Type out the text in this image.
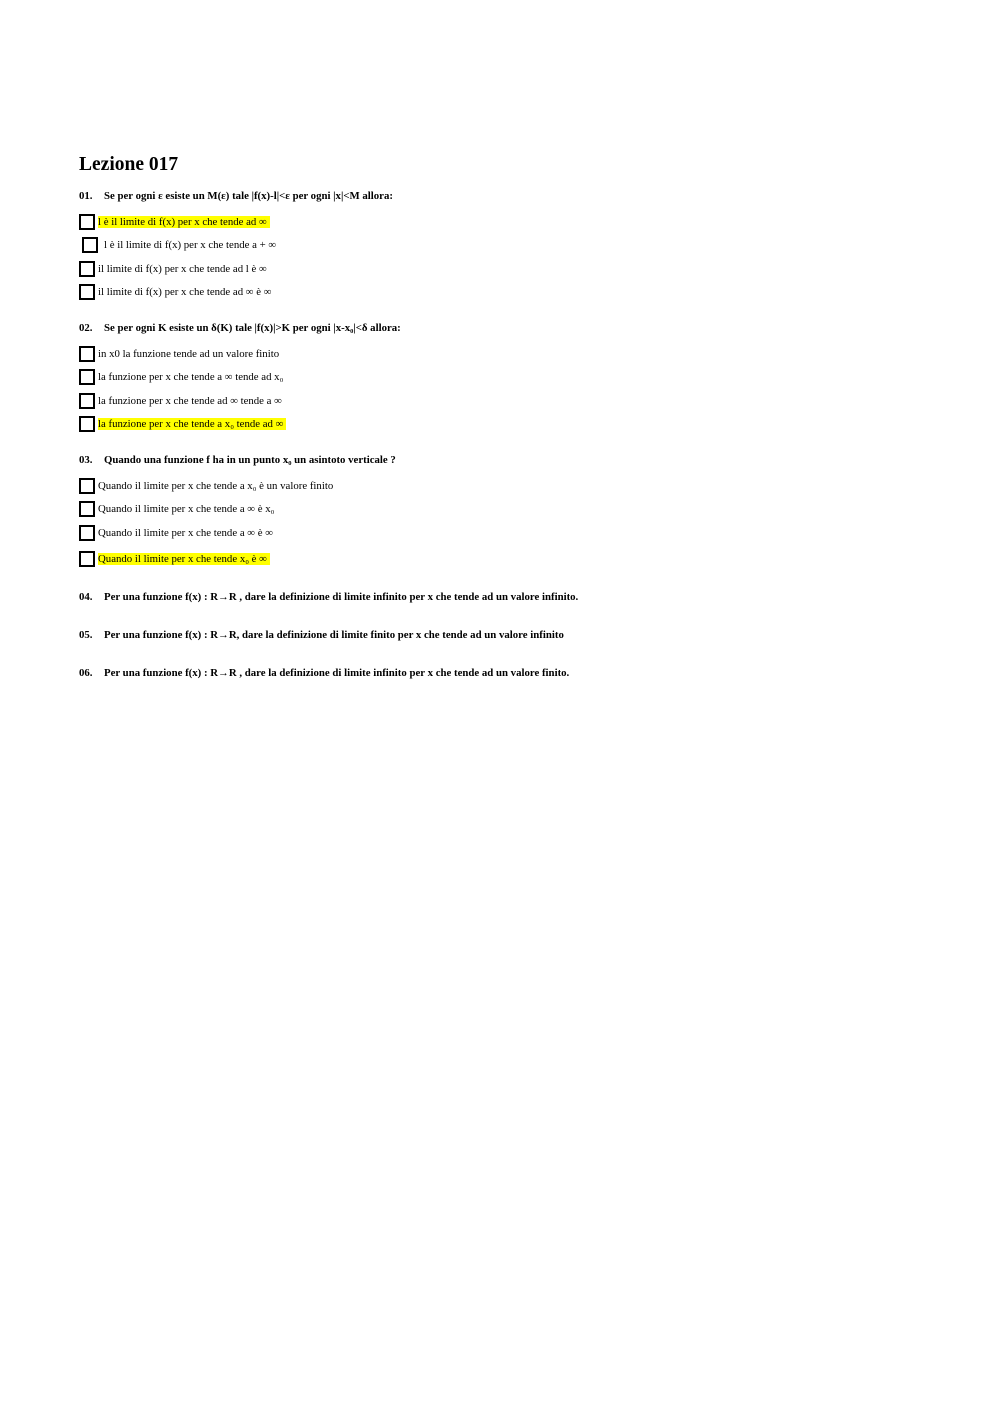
Lezione 017

01. Se per ogni ε esiste un M(ε) tale |f(x)-l|<ε per ogni |x|<M allora:

l è il limite di f(x) per x che tende ad ∞
l è il limite di f(x) per x che tende a + ∞
il limite di f(x) per x che tende ad l è ∞
il limite di f(x) per x che tende ad ∞ è ∞

02. Se per ogni K esiste un δ(K) tale |f(x)|>K per ogni |x-x₀|<δ allora:

in x0 la funzione tende ad un valore finito
la funzione per x che tende a ∞ tende ad x₀
la funzione per x che tende ad ∞ tende a ∞
la funzione per x che tende a x₀ tende ad ∞

03. Quando una funzione f ha in un punto x₀ un asintoto verticale ?

Quando il limite per x che tende a x₀ è un valore finito
Quando il limite per x che tende a ∞ è x₀
Quando il limite per x che tende a ∞ è ∞
Quando il limite per x che tende x₀ è ∞

04. Per una funzione f(x) : R→R , dare la definizione di limite infinito per x che tende ad un valore infinito.

05. Per una funzione f(x) : R→R, dare la definizione di limite finito per x che tende ad un valore infinito

06. Per una funzione f(x) : R→R , dare la definizione di limite infinito per x che tende ad un valore finito.
